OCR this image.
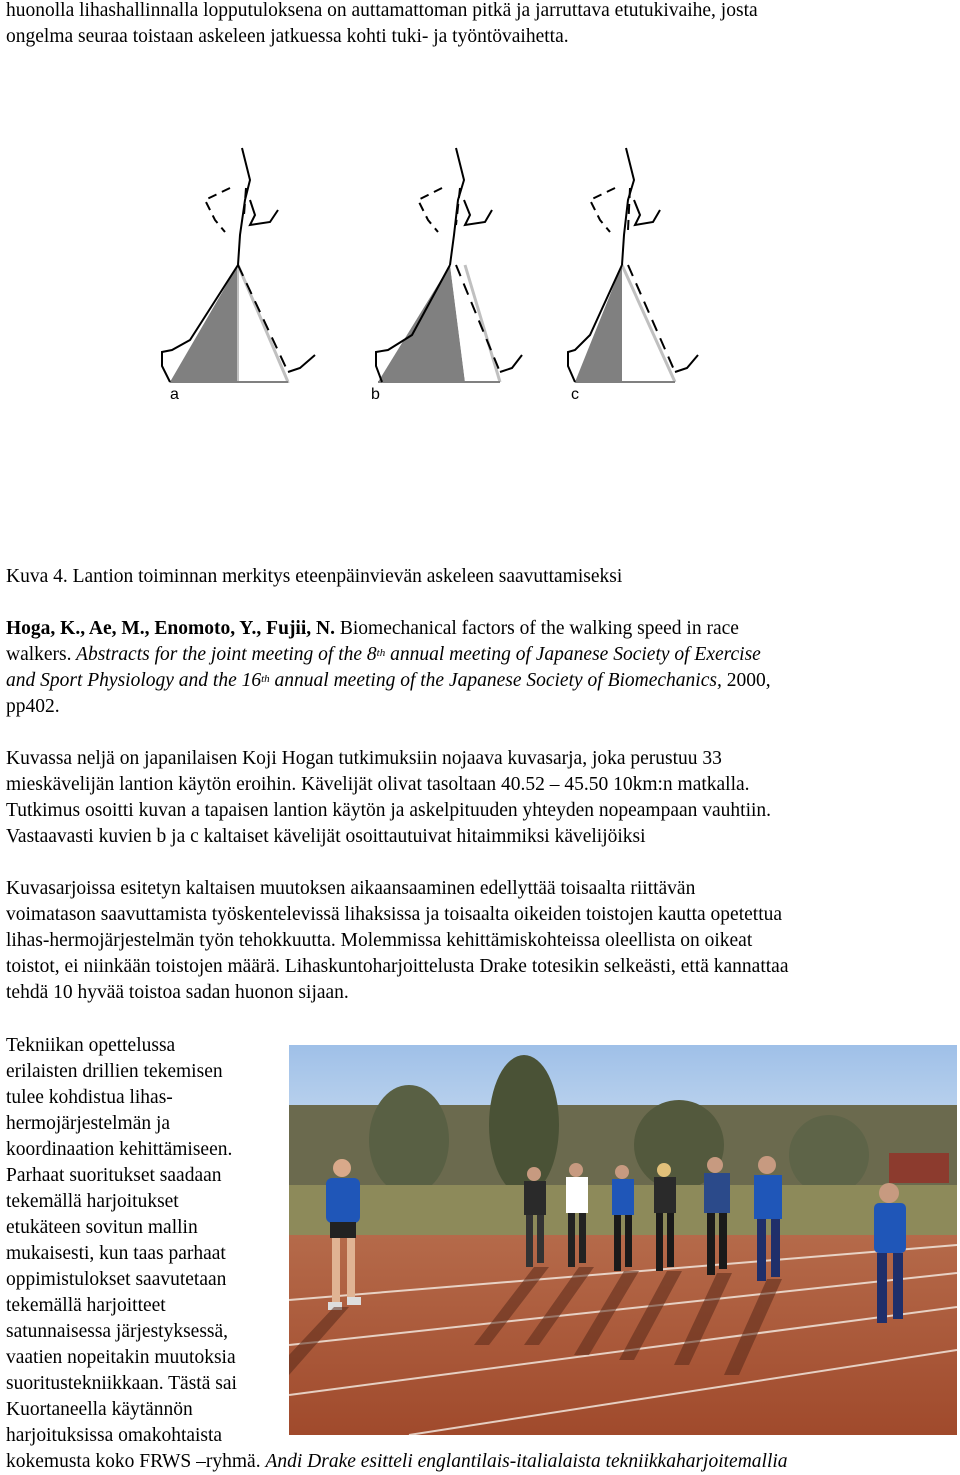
huonolla lihashallinnalla lopputuloksena on auttamattoman pitkä ja jarruttava etutukivaihe, josta

ongelma seuraa toistaan askeleen jatkuessa kohti tuki- ja työntövaihetta.

a	b	c

Kuva 4. Lantion toiminnan merkitys eteenpäinvievän askeleen saavuttamiseksi

Hoga, K., Ae, M., Enomoto, Y., Fujii, N. Biomechanical factors of the walking speed in race

walkers. Abstracts for the joint meeting of the 8th annual meeting of Japanese Society of Exercise

and Sport Physiology and the 16th annual meeting of the Japanese Society of Biomechanics, 2000,

pp402.

Kuvassa neljä on japanilaisen Koji Hogan tutkimuksiin nojaava kuvasarja, joka perustuu 33

mieskävelijän lantion käytön eroihin. Kävelijät olivat tasoltaan 40.52 – 45.50 10km:n matkalla.

Tutkimus osoitti kuvan a tapaisen lantion käytön ja askelpituuden yhteyden nopeampaan vauhtiin.

Vastaavasti kuvien b ja c kaltaiset kävelijät osoittautuivat hitaimmiksi kävelijöiksi

Kuvasarjoissa esitetyn kaltaisen muutoksen aikaansaaminen edellyttää toisaalta riittävän

voimatason saavuttamista työskentelevissä lihaksissa ja toisaalta oikeiden toistojen kautta opetettua

lihas-hermojärjestelmän työn tehokkuutta. Molemmissa kehittämiskohteissa oleellista on oikeat

toistot, ei niinkään toistojen määrä. Lihaskuntoharjoittelusta Drake totesikin selkeästi, että kannattaa

tehdä 10 hyvää toistoa sadan huonon sijaan.

Tekniikan opettelussa

erilaisten drillien tekemisen

tulee kohdistua lihas-

hermojärjestelmän ja

koordinaation kehittämiseen.

Parhaat suoritukset saadaan

tekemällä harjoitukset

etukäteen sovitun mallin

mukaisesti, kun taas parhaat

oppimistulokset saavutetaan

tekemällä harjoitteet

satunnaisessa järjestyksessä,

vaatien nopeitakin muutoksia

suoritustekniikkaan. Tästä sai

Kuortaneella käytännön

harjoituksissa omakohtaista

kokemusta koko FRWS –ryhmä. Andi Drake esitteli englantilais-italialaista tekniikkaharjoitemallia
